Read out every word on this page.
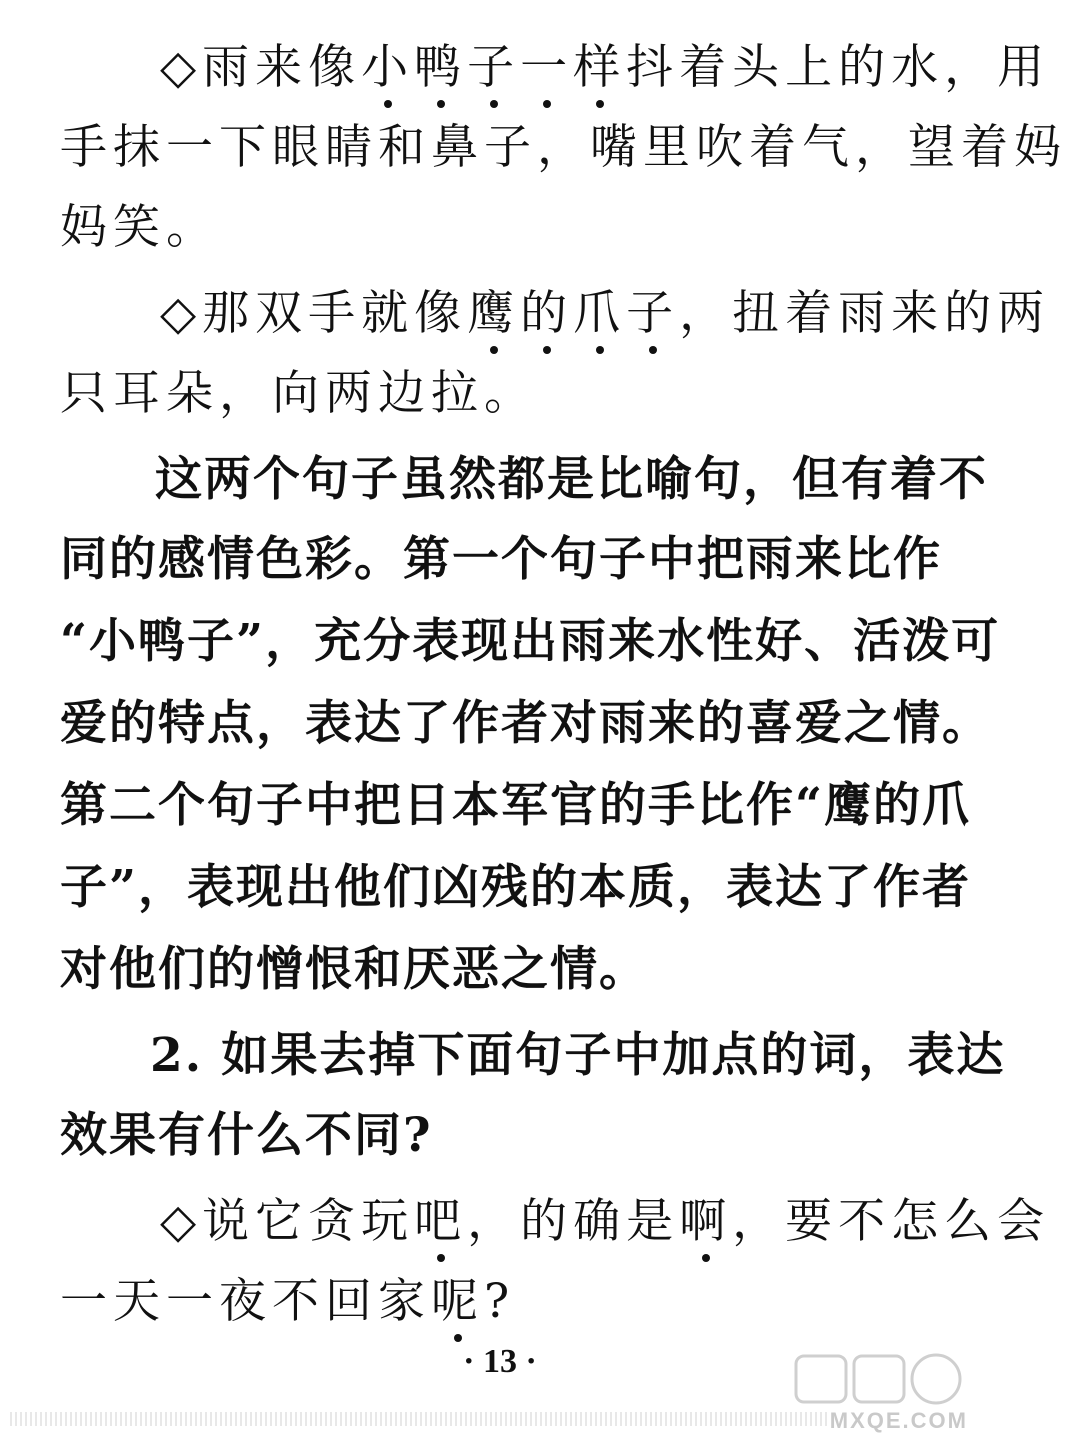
◇雨来像小鸭子一样抖着头上的水，用
手抹一下眼睛和鼻子，嘴里吹着气，望着妈
妈笑。
◇那双手就像鹰的爪子，扭着雨来的两
只耳朵，向两边拉。
这两个句子虽然都是比喻句，但有着不
同的感情色彩。第一个句子中把雨来比作
“小鸭子”，充分表现出雨来水性好、活泼可
爱的特点，表达了作者对雨来的喜爱之情。
第二个句子中把日本军官的手比作“鹰的爪
子”，表现出他们凶残的本质，表达了作者
对他们的憎恨和厌恶之情。
2. 如果去掉下面句子中加点的词，表达
效果有什么不同?
◇说它贪玩吧，的确是啊，要不怎么会
一天一夜不回家呢?
· 13 ·
MXQE.COM
